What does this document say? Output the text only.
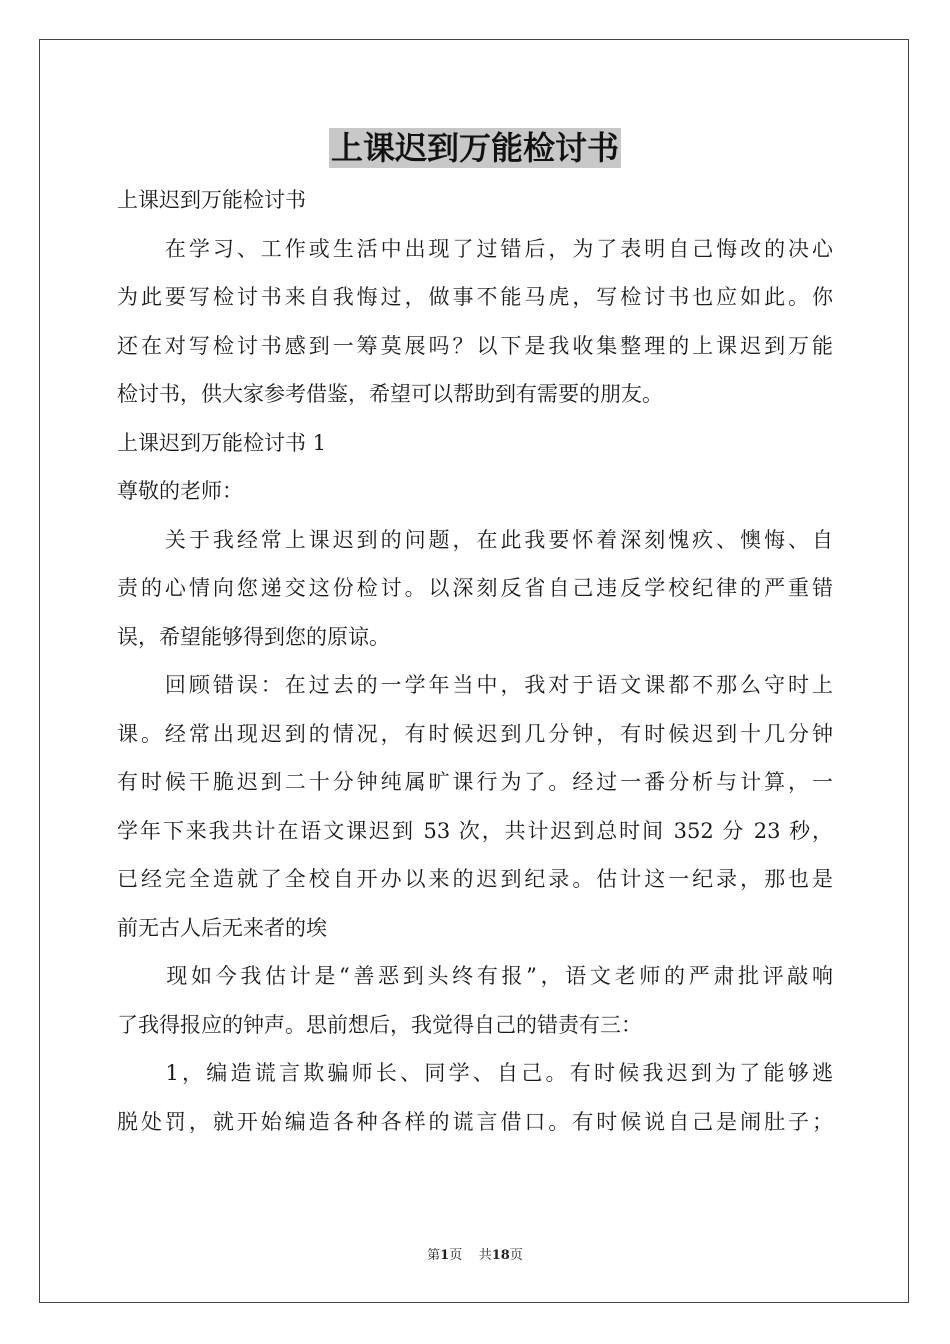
上课迟到万能检讨书
上课迟到万能检讨书
　　在学习、工作或生活中出现了过错后，为了表明自己悔改的决心
为此要写检讨书来自我悔过，做事不能马虎，写检讨书也应如此。你
还在对写检讨书感到一筹莫展吗？以下是我收集整理的上课迟到万能
检讨书，供大家参考借鉴，希望可以帮助到有需要的朋友。
上课迟到万能检讨书 1
尊敬的老师：
　　关于我经常上课迟到的问题，在此我要怀着深刻愧疚、懊悔、自
责的心情向您递交这份检讨。以深刻反省自己违反学校纪律的严重错
误，希望能够得到您的原谅。
　　回顾错误：在过去的一学年当中，我对于语文课都不那么守时上
课。经常出现迟到的情况，有时候迟到几分钟，有时候迟到十几分钟
有时候干脆迟到二十分钟纯属旷课行为了。经过一番分析与计算，一
学年下来我共计在语文课迟到 53 次，共计迟到总时间 352 分 23 秒，
已经完全造就了全校自开办以来的迟到纪录。估计这一纪录，那也是
前无古人后无来者的埃
　　现如今我估计是“善恶到头终有报”，语文老师的严肃批评敲响
了我得报应的钟声。思前想后，我觉得自己的错责有三：
　　1，编造谎言欺骗师长、同学、自己。有时候我迟到为了能够逃
脱处罚，就开始编造各种各样的谎言借口。有时候说自己是闹肚子；
第1页 共18页
